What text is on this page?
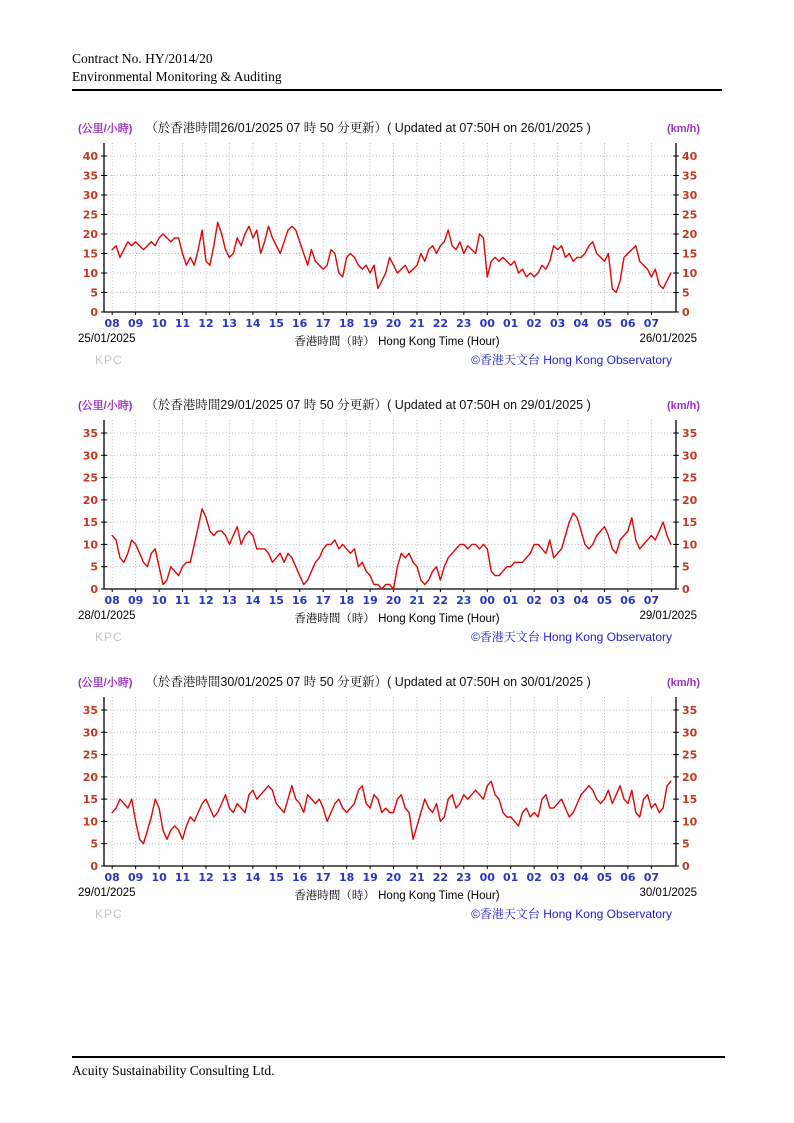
Contract No. HY/2014/20
Environmental Monitoring & Auditing
(公里/小時) （於香港時間26/01/2025 07 時 50 分更新）( Updated at 07:50H on 26/01/2025 )	(km/h)
0	0
5	5
10	10
15	15
20	20
25	25
30	30
35	35
40	40
08 09 10 11 12 13 14 15 16 17 18 19 20 21 22 23 00 01 02 03 04 05 06 07
25/01/2025	香港時間（時） Hong Kong Time (Hour)	26/01/2025
KPC	©香港天文台 Hong Kong Observatory
(公里/小時) （於香港時間29/01/2025 07 時 50 分更新）( Updated at 07:50H on 29/01/2025 )	(km/h)
0	0
5	5
10	10
15	15
20	20
25	25
30	30
35	35
08 09 10 11 12 13 14 15 16 17 18 19 20 21 22 23 00 01 02 03 04 05 06 07
28/01/2025	香港時間（時） Hong Kong Time (Hour)	29/01/2025
KPC	©香港天文台 Hong Kong Observatory
(公里/小時) （於香港時間30/01/2025 07 時 50 分更新）( Updated at 07:50H on 30/01/2025 )	(km/h)
0	0
5	5
10	10
15	15
20	20
25	25
30	30
35	35
08 09 10 11 12 13 14 15 16 17 18 19 20 21 22 23 00 01 02 03 04 05 06 07
29/01/2025	香港時間（時） Hong Kong Time (Hour)	30/01/2025
KPC	©香港天文台 Hong Kong Observatory
Acuity Sustainability Consulting Ltd.
